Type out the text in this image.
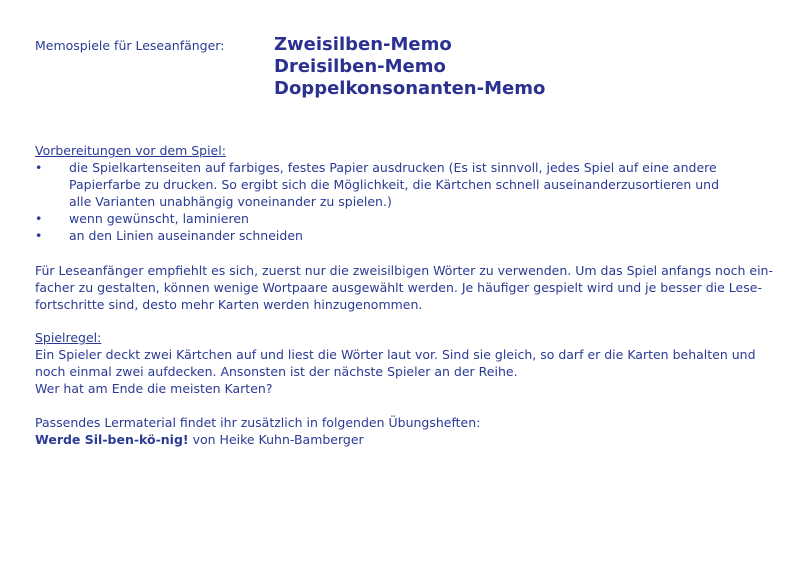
Memospiele für Leseanfänger:	Zweisilben-Memo
Dreisilben-Memo
Doppelkonsonanten-Memo
Vorbereitungen vor dem Spiel:
•	die Spielkartenseiten auf farbiges, festes Papier ausdrucken (Es ist sinnvoll, jedes Spiel auf eine andere
Papierfarbe zu drucken. So ergibt sich die Möglichkeit, die Kärtchen schnell auseinanderzusortieren und
alle Varianten unabhängig voneinander zu spielen.)
•	wenn gewünscht, laminieren
•	an den Linien auseinander schneiden
Für Leseanfänger empfiehlt es sich, zuerst nur die zweisilbigen Wörter zu verwenden. Um das Spiel anfangs noch ein-
facher zu gestalten, können wenige Wortpaare ausgewählt werden. Je häufiger gespielt wird und je besser die Lese-
fortschritte sind, desto mehr Karten werden hinzugenommen.
Spielregel:
Ein Spieler deckt zwei Kärtchen auf und liest die Wörter laut vor. Sind sie gleich, so darf er die Karten behalten und
noch einmal zwei aufdecken. Ansonsten ist der nächste Spieler an der Reihe.
Wer hat am Ende die meisten Karten?
Passendes Lermaterial findet ihr zusätzlich in folgenden Übungsheften:
Werde Sil-ben-kö-nig! von Heike Kuhn-Bamberger
